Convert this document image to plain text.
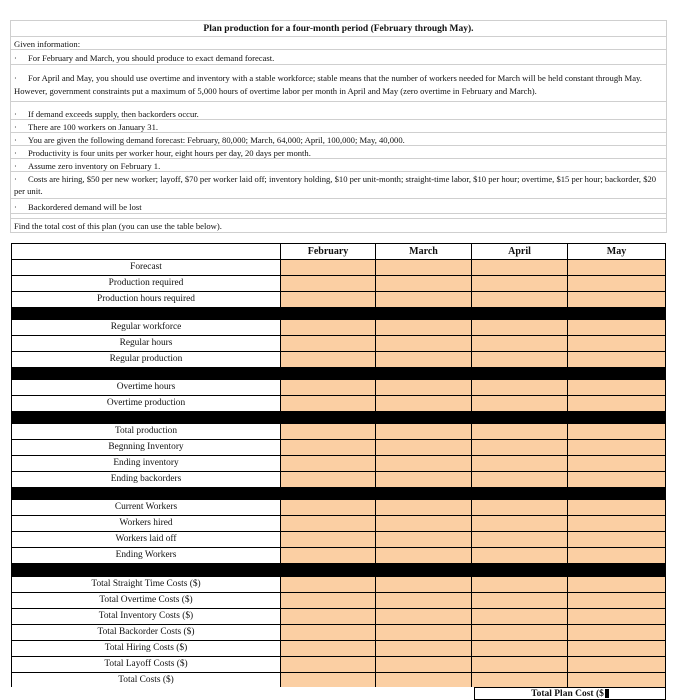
Plan production for a four-month period (February through May).
Given information:
· For February and March, you should produce to exact demand forecast.
· For April and May, you should use overtime and inventory with a stable workforce; stable means that the number of workers needed for March will be held constant through May. However, government constraints put a maximum of 5,000 hours of overtime labor per month in April and May (zero overtime in February and March).
· If demand exceeds supply, then backorders occur.
· There are 100 workers on January 31.
· You are given the following demand forecast: February, 80,000; March, 64,000; April, 100,000; May, 40,000.
· Productivity is four units per worker hour, eight hours per day, 20 days per month.
· Assume zero inventory on February 1.
· Costs are hiring, $50 per new worker; layoff, $70 per worker laid off; inventory holding, $10 per unit-month; straight-time labor, $10 per hour; overtime, $15 per hour; backorder, $20 per unit.
· Backordered demand will be lost
Find the total cost of this plan (you can use the table below).
February	March	April	May
Forecast
Production required
Production hours required
Regular workforce
Regular hours
Regular production
Overtime hours
Overtime production
Total production
Begnning Inventory
Ending inventory
Ending backorders
Current Workers
Workers hired
Workers laid off
Ending Workers
Total Straight Time Costs ($)
Total Overtime Costs ($)
Total Inventory Costs ($)
Total Backorder Costs ($)
Total Hiring Costs ($)
Total Layoff Costs ($)
Total Costs ($)
Total Plan Cost ($
